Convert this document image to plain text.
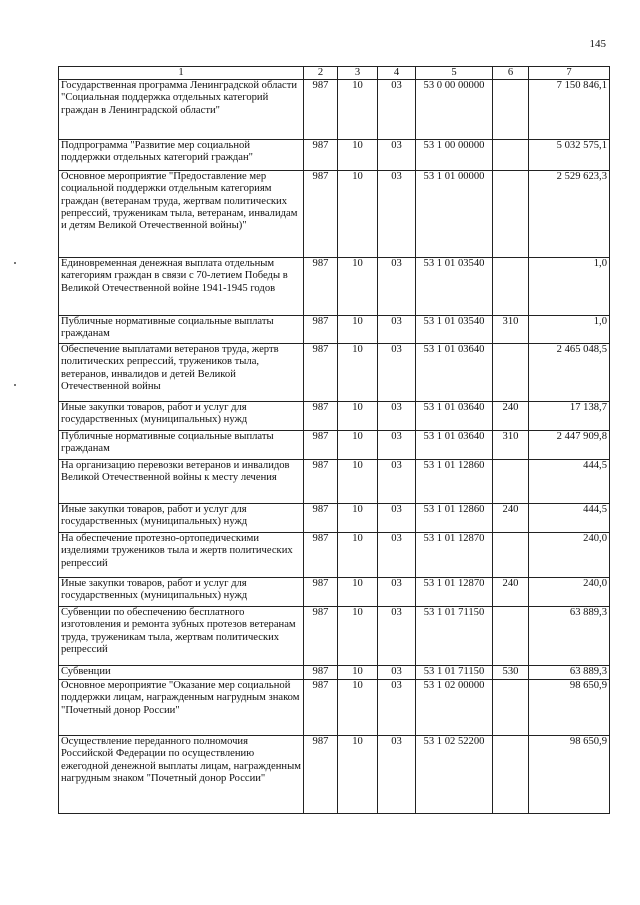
145
1	2	3	4	5	6	7
Государственная программа Ленинградской области "Социальная поддержка отдельных категорий граждан в Ленинградской области"	987	10	03	53 0 00 00000		7 150 846,1
Подпрограмма "Развитие мер социальной поддержки отдельных категорий граждан"	987	10	03	53 1 00 00000		5 032 575,1
Основное мероприятие "Предоставление мер социальной поддержки отдельным категориям граждан (ветеранам труда, жертвам политических репрессий, труженикам тыла, ветеранам, инвалидам и детям Великой Отечественной войны)"	987	10	03	53 1 01 00000		2 529 623,3
Единовременная денежная выплата отдельным категориям граждан в связи с 70-летием Победы в Великой Отечественной войне 1941-1945 годов	987	10	03	53 1 01 03540		1,0
Публичные нормативные социальные выплаты гражданам	987	10	03	53 1 01 03540	310	1,0
Обеспечение выплатами ветеранов труда, жертв политических репрессий, тружеников тыла, ветеранов, инвалидов и детей Великой Отечественной войны	987	10	03	53 1 01 03640		2 465 048,5
Иные закупки товаров, работ и услуг для государственных (муниципальных) нужд	987	10	03	53 1 01 03640	240	17 138,7
Публичные нормативные социальные выплаты гражданам	987	10	03	53 1 01 03640	310	2 447 909,8
На организацию перевозки ветеранов и инвалидов Великой Отечественной войны к месту лечения	987	10	03	53 1 01 12860		444,5
Иные закупки товаров, работ и услуг для государственных (муниципальных) нужд	987	10	03	53 1 01 12860	240	444,5
На обеспечение протезно-ортопедическими изделиями тружеников тыла и жертв политических репрессий	987	10	03	53 1 01 12870		240,0
Иные закупки товаров, работ и услуг для государственных (муниципальных) нужд	987	10	03	53 1 01 12870	240	240,0
Субвенции по обеспечению бесплатного изготовления и ремонта зубных протезов ветеранам труда, труженикам тыла, жертвам политических репрессий	987	10	03	53 1 01 71150		63 889,3
Субвенции	987	10	03	53 1 01 71150	530	63 889,3
Основное мероприятие "Оказание мер социальной поддержки лицам, награжденным нагрудным знаком "Почетный донор России"	987	10	03	53 1 02 00000		98 650,9
Осуществление переданного полномочия Российской Федерации по осуществлению ежегодной денежной выплаты лицам, награжденным нагрудным знаком "Почетный донор России"	987	10	03	53 1 02 52200		98 650,9
